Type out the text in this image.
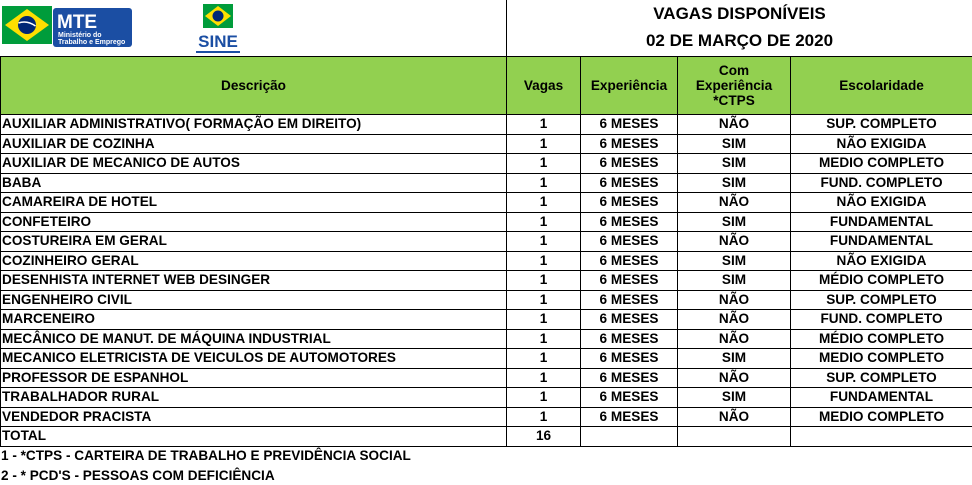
MTE
Ministério do
Trabalho e Emprego	SINE
VAGAS DISPONÍVEIS
02 DE MARÇO DE 2020
Descrição	Vagas	Experiência	Com Experiência *CTPS	Escolaridade
AUXILIAR ADMINISTRATIVO( FORMAÇÃO EM DIREITO)	1	6 MESES	NÃO	SUP. COMPLETO
AUXILIAR DE COZINHA	1	6 MESES	SIM	NÃO EXIGIDA
AUXILIAR DE MECANICO DE AUTOS	1	6 MESES	SIM	MEDIO COMPLETO
BABA	1	6 MESES	SIM	FUND. COMPLETO
CAMAREIRA DE HOTEL	1	6 MESES	NÃO	NÃO EXIGIDA
CONFETEIRO	1	6 MESES	SIM	FUNDAMENTAL
COSTUREIRA EM GERAL	1	6 MESES	NÃO	FUNDAMENTAL
COZINHEIRO GERAL	1	6 MESES	SIM	NÃO EXIGIDA
DESENHISTA INTERNET WEB DESINGER	1	6 MESES	SIM	MÉDIO COMPLETO
ENGENHEIRO CIVIL	1	6 MESES	NÃO	SUP. COMPLETO
MARCENEIRO	1	6 MESES	NÃO	FUND. COMPLETO
MECÂNICO DE MANUT. DE MÁQUINA INDUSTRIAL	1	6 MESES	NÃO	MÉDIO COMPLETO
MECANICO ELETRICISTA DE VEICULOS DE AUTOMOTORES	1	6 MESES	SIM	MEDIO COMPLETO
PROFESSOR DE ESPANHOL	1	6 MESES	NÃO	SUP. COMPLETO
TRABALHADOR RURAL	1	6 MESES	SIM	FUNDAMENTAL
VENDEDOR PRACISTA	1	6 MESES	NÃO	MEDIO COMPLETO
TOTAL	16			
1 - *CTPS - CARTEIRA DE TRABALHO E PREVIDÊNCIA SOCIAL
2 - * PCD'S - PESSOAS COM DEFICIÊNCIA
